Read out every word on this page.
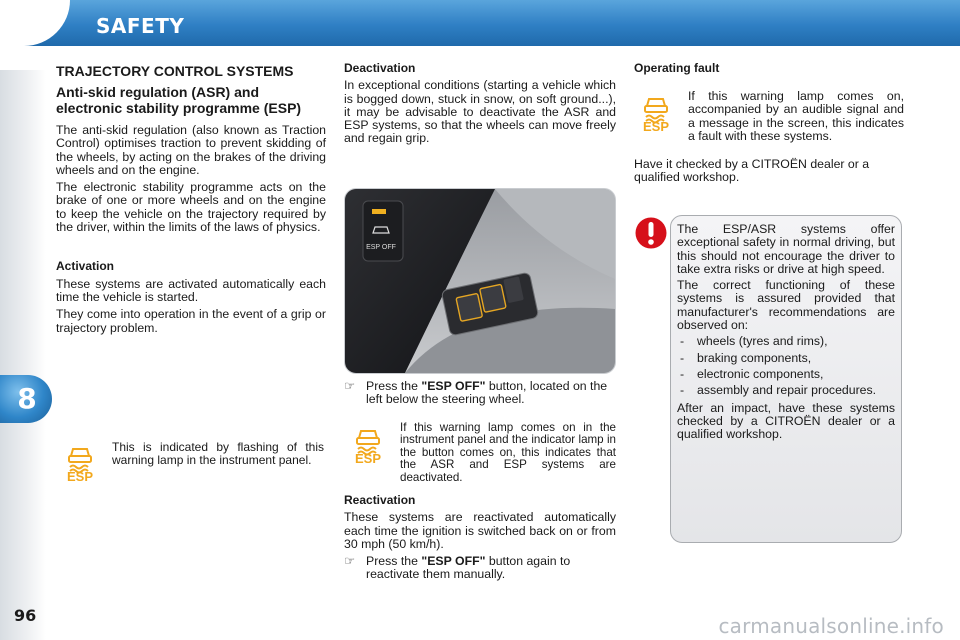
SAFETY
8
96	carmanualsonline.info
TRAJECTORY CONTROL SYSTEMS
Anti-skid regulation (ASR) and electronic stability programme (ESP)

The anti-skid regulation (also known as Traction Control) optimises traction to prevent skidding of the wheels, by acting on the brakes of the driving wheels and on the engine.

The electronic stability programme acts on the brake of one or more wheels and on the engine to keep the vehicle on the trajectory required by the driver, within the limits of the laws of physics.

Activation

These systems are activated automatically each time the vehicle is started.

They come into operation in the event of a grip or trajectory problem.

ESP
This is indicated by flashing of this warning lamp in the instrument panel.
Deactivation

In exceptional conditions (starting a vehicle which is bogged down, stuck in snow, on soft ground...), it may be advisable to deactivate the ASR and ESP systems, so that the wheels can move freely and regain grip.

ESP OFF
☞ Press the "ESP OFF" button, located on the left below the steering wheel.
ESP
If this warning lamp comes on in the instrument panel and the indicator lamp in the button comes on, this indicates that the ASR and ESP systems are deactivated.
Reactivation

These systems are reactivated automatically each time the ignition is switched back on or from 30 mph (50 km/h).

☞ Press the "ESP OFF" button again to reactivate them manually.
Operating fault
ESP
If this warning lamp comes on, accompanied by an audible signal and a message in the screen, this indicates a fault with these systems.

Have it checked by a CITROËN dealer or a qualified workshop.

The ESP/ASR systems offer exceptional safety in normal driving, but this should not encourage the driver to take extra risks or drive at high speed.

The correct functioning of these systems is assured provided that manufacturer's recommendations are observed on:

- wheels (tyres and rims),
- braking components,
- electronic components,
- assembly and repair procedures.

After an impact, have these systems checked by a CITROËN dealer or a qualified workshop.
